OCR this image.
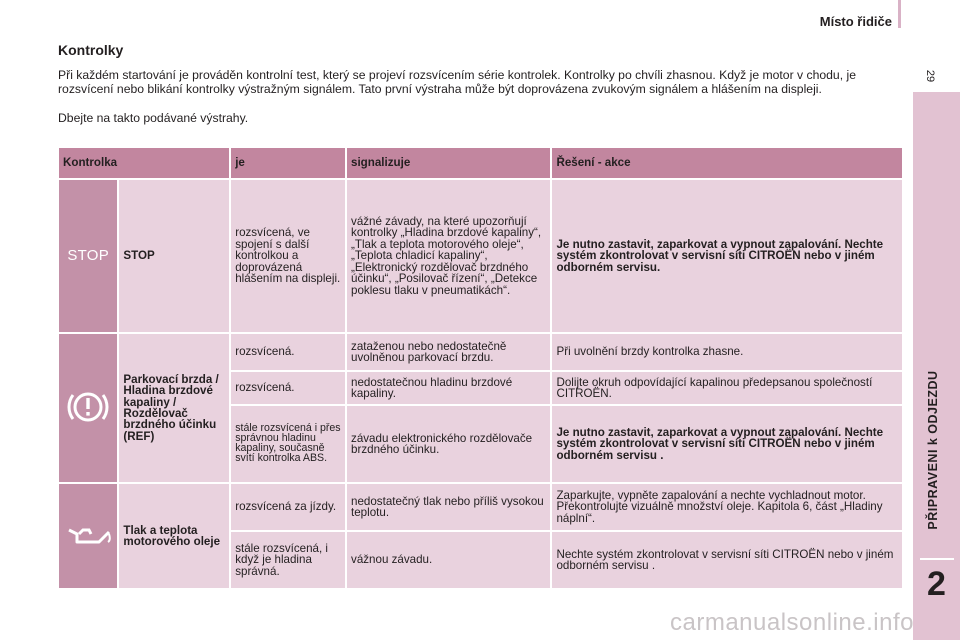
Místo řidiče
29
PŘIPRAVENI k ODJEZDU
2
Kontrolky

Při každém startování je prováděn kontrolní test, který se projeví rozsvícením série kontrolek. Kontrolky po chvíli zhasnou. Když je motor v chodu, je rozsvícení nebo blikání kontrolky výstražným signálem. Tato první výstraha může být doprovázena zvukovým signálem a hlášením na displeji.

Dbejte na takto podávané výstrahy.

Kontrolka		je	signalizuje	Řešení - akce
STOP	STOP	rozsvícená, ve spojení s další kontrolkou a doprovázená hlášením na displeji.	vážné závady, na které upozorňují kontrolky „Hladina brzdové kapaliny“, „Tlak a teplota motorového oleje“, „Teplota chladicí kapaliny“, „Elektronický rozdělovač brzdného účinku“, „Posilovač řízení“, „Detekce poklesu tlaku v pneumatikách“.	Je nutno zastavit, zaparkovat a vypnout zapalování. Nechte systém zkontrolovat v servisní síti CITROËN nebo v jiném odborném servisu.
	Parkovací brzda / Hladina brzdové kapaliny / Rozdělovač brzdného účinku (REF)	rozsvícená.	zataženou nebo nedostatečně uvolněnou parkovací brzdu.	Při uvolnění brzdy kontrolka zhasne.
		rozsvícená.	nedostatečnou hladinu brzdové kapaliny.	Dolijte okruh odpovídající kapalinou předepsanou společností CITROËN.
		stále rozsvícená i přes správnou hladinu kapaliny, současně svítí kontrolka ABS.	závadu elektronického rozdělovače brzdného účinku.	Je nutno zastavit, zaparkovat a vypnout zapalování. Nechte systém zkontrolovat v servisní síti CITROËN nebo v jiném odborném servisu .
	Tlak a teplota motorového oleje	rozsvícená za jízdy.	nedostatečný tlak nebo příliš vysokou teplotu.	Zaparkujte, vypněte zapalování a nechte vychladnout motor. Překontrolujte vizuálně množství oleje. Kapitola 6, část „Hladiny náplní“.
		stále rozsvícená, i když je hladina správná.	vážnou závadu.	Nechte systém zkontrolovat v servisní síti CITROËN nebo v jiném odborném servisu .
carmanualsonline.info
